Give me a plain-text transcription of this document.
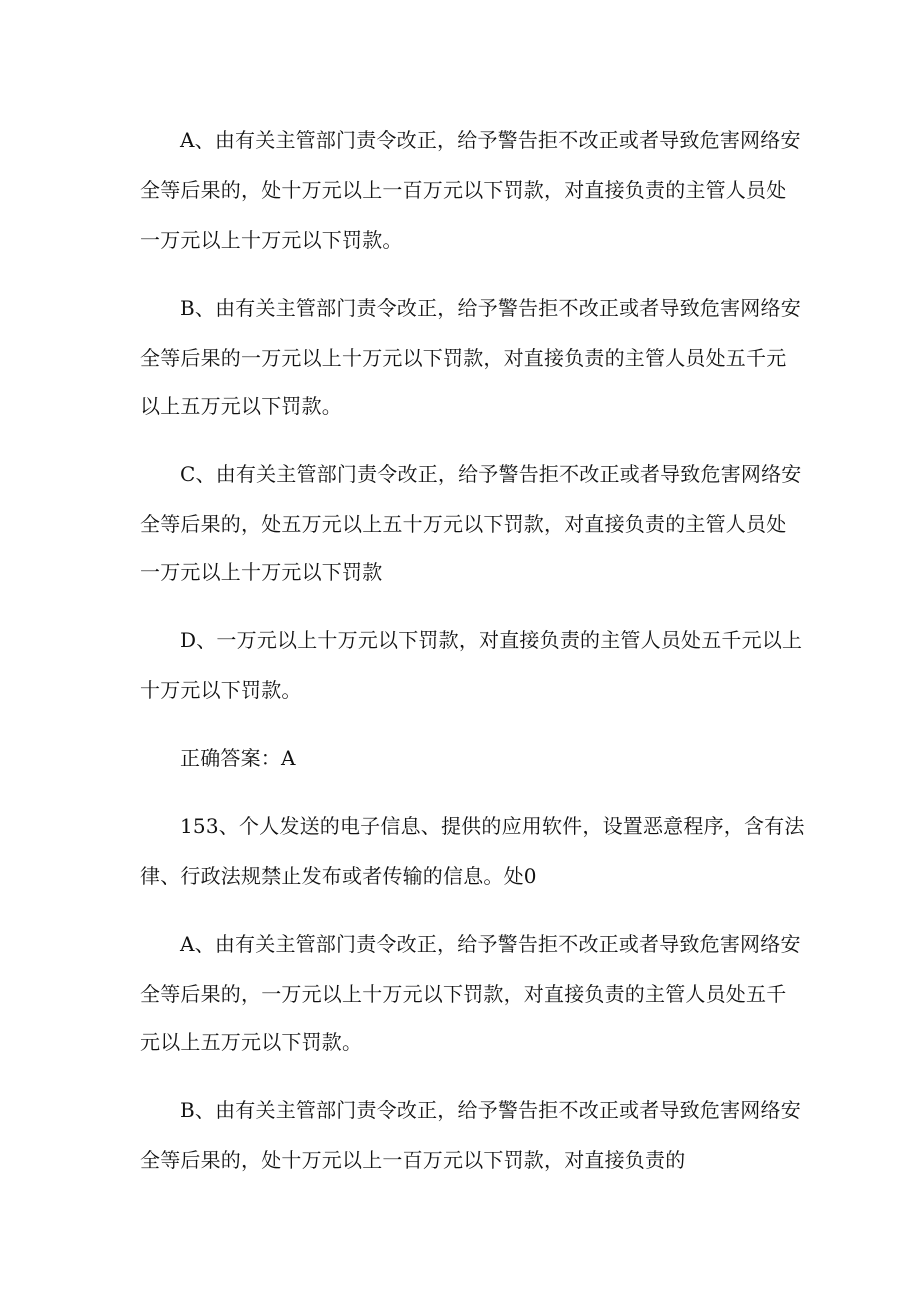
A、由有关主管部门责令改正，给予警告拒不改正或者导致危害网络安
全等后果的，处十万元以上一百万元以下罚款，对直接负责的主管人员处
一万元以上十万元以下罚款。
B、由有关主管部门责令改正，给予警告拒不改正或者导致危害网络安
全等后果的一万元以上十万元以下罚款，对直接负责的主管人员处五千元
以上五万元以下罚款。
C、由有关主管部门责令改正，给予警告拒不改正或者导致危害网络安
全等后果的，处五万元以上五十万元以下罚款，对直接负责的主管人员处
一万元以上十万元以下罚款
D、一万元以上十万元以下罚款，对直接负责的主管人员处五千元以上
十万元以下罚款。
正确答案：A
153、个人发送的电子信息、提供的应用软件，设置恶意程序，含有法
律、行政法规禁止发布或者传输的信息。处0
A、由有关主管部门责令改正，给予警告拒不改正或者导致危害网络安
全等后果的，一万元以上十万元以下罚款，对直接负责的主管人员处五千
元以上五万元以下罚款。
B、由有关主管部门责令改正，给予警告拒不改正或者导致危害网络安
全等后果的，处十万元以上一百万元以下罚款，对直接负责的
